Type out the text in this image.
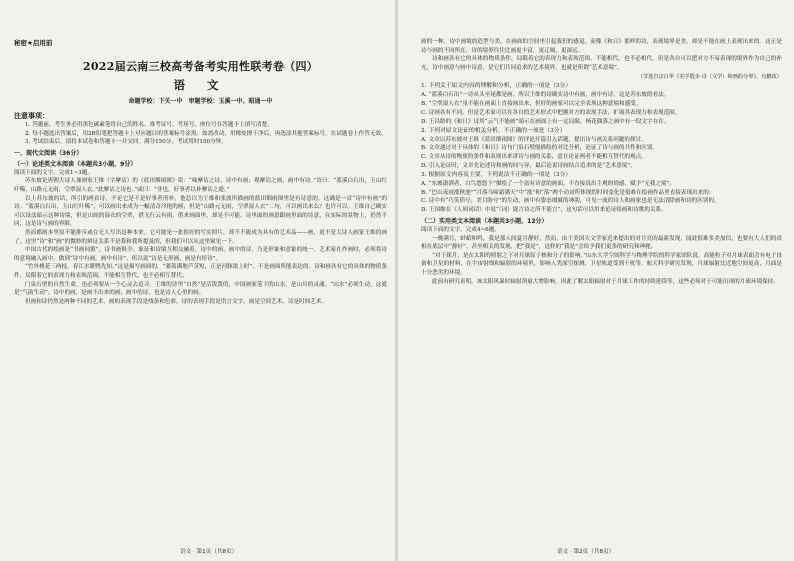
秘密★启用前
2022届云南三校高考备考实用性联考卷（四）
语 文
命题学校：下关一中　审题学校：玉溪一中、昭通一中
注意事项：

1. 答题前，考生务必用黑色碳素笔将自己的姓名、准考证号、考场号、座位号在答题卡上填写清楚。

2. 每小题选出答案后，用2B铅笔把答题卡上对应题目的答案标号涂黑。如需改动，用橡皮擦干净后，再选涂其他答案标号。在试题卷上作答无效。

3. 考试结束后，请将本试卷和答题卡一并交回。满分150分，考试用时150分钟。

一、现代文阅读（36分）
（一）论述类文本阅读（本题共3小题，9分）

阅读下面的文字，完成1~3题。

苏东坡论唐朝大诗人兼画家王维（字摩诘）的《蓝田烟雨图》说：“味摩诘之诗，诗中有画；观摩诘之画，画中有诗。”诗曰：“蓝溪白石出，玉山红叶稀，山路元无雨，空翠湿人衣。”此摩诘之诗也。”或曰：“非也，好事者以补摩诘之遗。”

以上苏东坡的话，所引的两首诗，不论它是不是好事者所补，他总以为王维和张波所描画的蓝田烟雨图里是有诗意的。这确是一首“诗中有画”的诗。“蓝溪白石出，玉山红叶稀”，可以画出来成为一幅清奇冷艳的画，但是“山路元无雨，空翠湿人衣”二句，可以画出来么？也许可以。王维自己确实可以设法暗示这种诗境，但是山间的湿衣的空翠，借无行云有雨，借来画面里，却是不可能。诗里面的画意跟画里面的诗意，在实际的景物上，仍然不同，这是诗与画的界限。

然而都画本里原不能排斥或在无人写出这种本来。它可能是一张很好的写实照片，却不不能成为具有的艺术品——画，更不是大诗人画家王维的画了。这里“诗”和“画”的微妙的辩证关系不是我和我所提及的，但我们可以从这里窥见一下。

中国古代的绘画是“书画同源”，诗书画俱全。象征和诗境互相交融着。诗中的画，画中的诗，乃是形象和意象的统一。艺术家在作画时，必须将诗的意境融入画中，做到“诗中有画，画中有诗”。所以说“诗是无形画，画是有形诗”。

“竹外桃花三两枝，春江水暖鸭先知。”这是描写画面的，“蒌蒿满地芦芽短，正是河豚欲上时”，不是画面所能表达的。诗和画各有它的具体的物质条件，局限着它的表现力和表现范围，不能相互替代，也不必相互替代。

门泉石壁的自然生命，也必须要从一个心灵去追寻。王维的诗里“自然”是活泼泼的，中国画家笔下的山水，是山川的灵魂。“山水”必须生动，这就是“气韵生动”。诗中的画，是画不出来的画；画中的诗，也是诗人心里的画。

但画和诗仍然是两种不同的艺术，画的表现手段是线条和色彩，诗的表现手段是语言文字。画是空间艺术，诗是时间艺术。

语文 · 第1页（共8页）

画的一种，诗中画境的造型与美，在画面的空间里引起我们的感觉。而像《和日》那样的诗，表现境界是美，却是不能在画上表现出来的。这正是诗与画的不同所在，诗的境界往往比画更丰富，更辽阔，更深远。

诗和画各有它的具体的物质条件，局限着它的表现力和表现范围，不能相代，也不必相代。但是各自可以把对方不易表现的境界作为自己的补充，诗中画意与画中诗意，是它们共同追求的艺术境界，也就是所谓“艺术意境”。

（节选自宗白华《美学散步·诗（文学）和画的分界》，有删改）
1. 下列关于原文内容的理解和分析，正确的一项是（3分）
A. “蓝溪白石出”一诗从头至尾都是画，所以王维的诗确实诗中有画，画中有诗，这是苏东坡的看法。
B. “空翠湿人衣”虽不能在画面上直接画出来，但好的画家可以完全表现这种意境和感受。
C. 诗画各有不同，但是艺术家可以在各自的艺术形式中把握对方的表现手法，扩展其表现力和表现范围。
D. 王昌龄的《和日》诗用“云气不能画”暗示在画面上有一定局限，杨花偶落之画中有一段文字存在。
2. 下列对原文论证的相关分析，不正确的一项是（3分）
A. 文章以苏东坡对王维《蓝田烟雨图》的评论开篇引入话题，提出诗与画关系问题的探讨。
B. 文章通过对于具体的《和日》诗句门泉石壁般描绘的对比分析，论证了诗与画的共性和区别。
C. 文章从诗的物质的条件和表现出来讲诗与画的关系，意在论证两者不能相互替代的观点。
D. 引入论证时，文章先论述诗和画的同与异，最后论说诗画结合追求的是“艺术意境”。
3. 根据原文内容及主要，下列说法不正确的一项是（3分）
A. “东坡潇洒者，白鸟悠悠下”描绘了一个富有诗意的画面，不直接说出主观的情感，赋予“无我之境”。
B. “巴山夜雨涨秋池”“月落乌啼霜满天”中“涨”和“落”两个动词所体现的时间变化是很难在绘画作品里直接表现出来的。
C. 诗中有“巧笑倩兮，美目盼兮”的生动，画中有姿态细腻的神韵，可见一流的诗人和画家也是无法清除画和诗的区别的。
D. 王国维在《人间词话》中说“（词）能言诗之所不能言”，这句话可以用来论证绘画和诗歌的关系。
（二）实用类文本阅读（本题共3小题，12分）

阅读下面的文字，完成4~6题。

一晚满月，蚌蛤和鸣，我是那人间夏月静好。然而，由于美国天文学家近来提出的对月亮的最新发现，闻此很难多美加信，也要有大人们的真相在底层中“静好”。甚至相关的发现，把“我是”，这样的“我是”会给予我们更多的研究和神秘。

“对于探月，是在太阳的照射之下对月球原子核和分子的影响。”山东大学空间科学与物理学院的科学家团队说，高能粒子对月球表面会有电子设备和卫星的材料，在宇宙射线和辐射的环境里，影响人类深空探测，卫星轨道受到干扰等。航天科学研究发现，月球辐射比近地空间更高，月面是十分恶劣的环境。

此前有研究表明，该太阳风暴时辐射剂量大增影响，因此了解太阳辐射对于月球工作的持续延续等，这些必须对于可能出现的月球环境保持。

语文 · 第2页（共8页）
